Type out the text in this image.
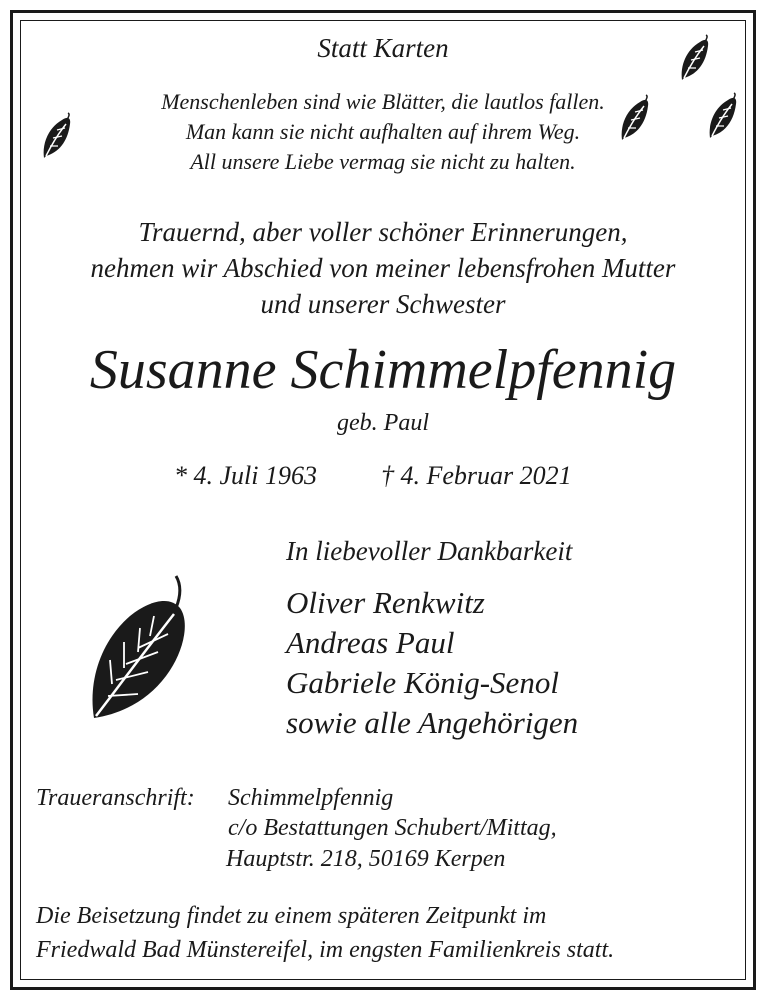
Statt Karten
Menschenleben sind wie Blätter, die lautlos fallen.
Man kann sie nicht aufhalten auf ihrem Weg.
All unsere Liebe vermag sie nicht zu halten.
Trauernd, aber voller schöner Erinnerungen,
nehmen wir Abschied von meiner lebensfrohen Mutter
und unserer Schwester
Susanne Schimmelpfennig
geb. Paul
* 4. Juli 1963 † 4. Februar 2021
In liebevoller Dankbarkeit
Oliver Renkwitz
Andreas Paul
Gabriele König-Senol
sowie alle Angehörigen
Traueranschrift: Schimmelpfennig
c/o Bestattungen Schubert/Mittag,
Hauptstr. 218, 50169 Kerpen
Die Beisetzung findet zu einem späteren Zeitpunkt im
Friedwald Bad Münstereifel, im engsten Familienkreis statt.
